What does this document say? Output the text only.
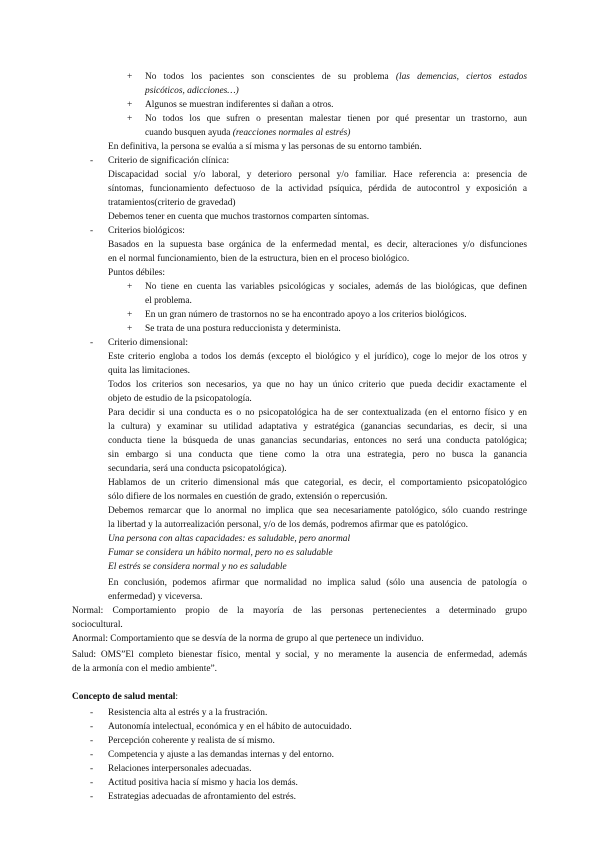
+ No todos los pacientes son conscientes de su problema (las demencias, ciertos estados
psicóticos, adicciones…)
+ Algunos se muestran indiferentes si dañan a otros.
+ No todos los que sufren o presentan malestar tienen por qué presentar un trastorno, aun
cuando busquen ayuda (reacciones normales al estrés)
En definitiva, la persona se evalúa a sí misma y las personas de su entorno también.
- Criterio de significación clínica:
Discapacidad social y/o laboral, y deterioro personal y/o familiar. Hace referencia a: presencia de
síntomas, funcionamiento defectuoso de la actividad psíquica, pérdida de autocontrol y exposición a
tratamientos(criterio de gravedad)
Debemos tener en cuenta que muchos trastornos comparten síntomas.
- Criterios biológicos:
Basados en la supuesta base orgánica de la enfermedad mental, es decir, alteraciones y/o disfunciones
en el normal funcionamiento, bien de la estructura, bien en el proceso biológico.
Puntos débiles:
+ No tiene en cuenta las variables psicológicas y sociales, además de las biológicas, que definen
el problema.
+ En un gran número de trastornos no se ha encontrado apoyo a los criterios biológicos.
+ Se trata de una postura reduccionista y determinista.
- Criterio dimensional:
Este criterio engloba a todos los demás (excepto el biológico y el jurídico), coge lo mejor de los otros y
quita las limitaciones.
Todos los criterios son necesarios, ya que no hay un único criterio que pueda decidir exactamente el
objeto de estudio de la psicopatología.
Para decidir si una conducta es o no psicopatológica ha de ser contextualizada (en el entorno físico y en
la cultura) y examinar su utilidad adaptativa y estratégica (ganancias secundarias, es decir, si una
conducta tiene la búsqueda de unas ganancias secundarias, entonces no será una conducta patológica;
sin embargo si una conducta que tiene como la otra una estrategia, pero no busca la ganancia
secundaria, será una conducta psicopatológica).
Hablamos de un criterio dimensional más que categorial, es decir, el comportamiento psicopatológico
sólo difiere de los normales en cuestión de grado, extensión o repercusión.
Debemos remarcar que lo anormal no implica que sea necesariamente patológico, sólo cuando restringe
la libertad y la autorrealización personal, y/o de los demás, podremos afirmar que es patológico.
Una persona con altas capacidades: es saludable, pero anormal
Fumar se considera un hábito normal, pero no es saludable
El estrés se considera normal y no es saludable
En conclusión, podemos afirmar que normalidad no implica salud (sólo una ausencia de patología o
enfermedad) y viceversa.
Normal: Comportamiento propio de la mayoría de las personas pertenecientes a determinado grupo
sociocultural.
Anormal: Comportamiento que se desvía de la norma de grupo al que pertenece un individuo.
Salud: OMS”El completo bienestar físico, mental y social, y no meramente la ausencia de enfermedad, además
de la armonía con el medio ambiente”.
Concepto de salud mental:
- Resistencia alta al estrés y a la frustración.
- Autonomía intelectual, económica y en el hábito de autocuidado.
- Percepción coherente y realista de sí mismo.
- Competencia y ajuste a las demandas internas y del entorno.
- Relaciones interpersonales adecuadas.
- Actitud positiva hacia sí mismo y hacia los demás.
- Estrategias adecuadas de afrontamiento del estrés.
